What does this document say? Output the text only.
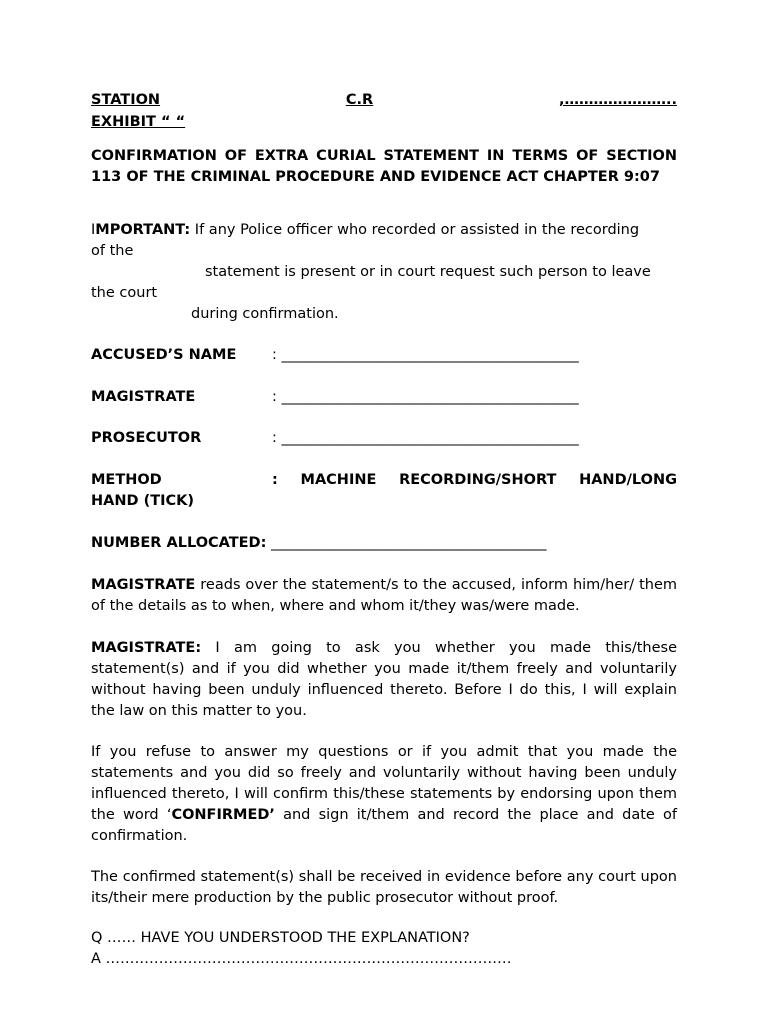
STATION	C.R	,…………………..
EXHIBIT “ “
CONFIRMATION OF EXTRA CURIAL STATEMENT IN TERMS OF SECTION 113 OF THE CRIMINAL PROCEDURE AND EVIDENCE ACT CHAPTER 9:07
IMPORTANT: If any Police officer who recorded or assisted in the recording
of the
statement is present or in court request such person to leave
the court
during confirmation.
ACCUSED’S NAME : _________________________________________
MAGISTRATE	: _________________________________________
PROSECUTOR	: _________________________________________
METHOD	: MACHINE RECORDING/SHORT HAND/LONG
HAND (TICK)
NUMBER ALLOCATED: ______________________________________
MAGISTRATE reads over the statement/s to the accused, inform him/her/ them of the details as to when, where and whom it/they was/were made.
MAGISTRATE: I am going to ask you whether you made this/these statement(s) and if you did whether you made it/them freely and voluntarily without having been unduly influenced thereto. Before I do this, I will explain the law on this matter to you.
If you refuse to answer my questions or if you admit that you made the statements and you did so freely and voluntarily without having been unduly influenced thereto, I will confirm this/these statements by endorsing upon them the word ‘CONFIRMED’ and sign it/them and record the place and date of confirmation.
The confirmed statement(s) shall be received in evidence before any court upon its/their mere production by the public prosecutor without proof.
Q …… HAVE YOU UNDERSTOOD THE EXPLANATION?
A …………………………………………………………………………
